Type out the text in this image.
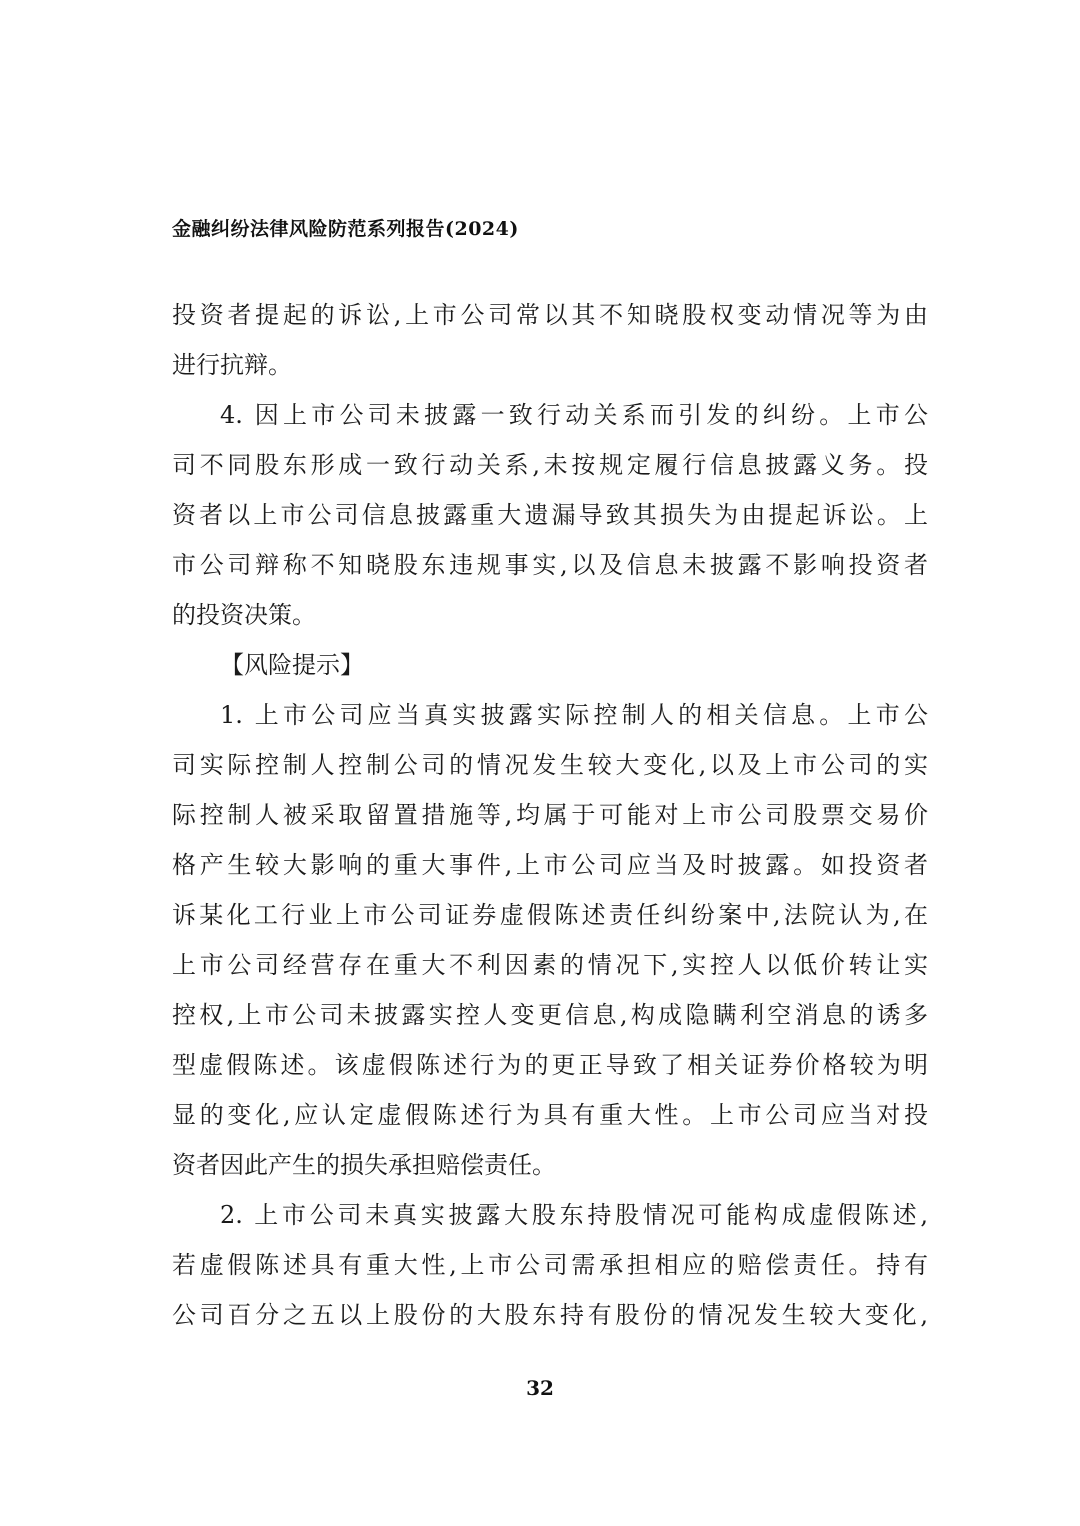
金融纠纷法律风险防范系列报告(2024)
投资者提起的诉讼,上市公司常以其不知晓股权变动情况等为由
进行抗辩。
4. 因上市公司未披露一致行动关系而引发的纠纷。上市公
司不同股东形成一致行动关系,未按规定履行信息披露义务。投
资者以上市公司信息披露重大遗漏导致其损失为由提起诉讼。上
市公司辩称不知晓股东违规事实,以及信息未披露不影响投资者
的投资决策。
【风险提示】
1. 上市公司应当真实披露实际控制人的相关信息。上市公
司实际控制人控制公司的情况发生较大变化,以及上市公司的实
际控制人被采取留置措施等,均属于可能对上市公司股票交易价
格产生较大影响的重大事件,上市公司应当及时披露。如投资者
诉某化工行业上市公司证券虚假陈述责任纠纷案中,法院认为,在
上市公司经营存在重大不利因素的情况下,实控人以低价转让实
控权,上市公司未披露实控人变更信息,构成隐瞒利空消息的诱多
型虚假陈述。该虚假陈述行为的更正导致了相关证券价格较为明
显的变化,应认定虚假陈述行为具有重大性。上市公司应当对投
资者因此产生的损失承担赔偿责任。
2. 上市公司未真实披露大股东持股情况可能构成虚假陈述,
若虚假陈述具有重大性,上市公司需承担相应的赔偿责任。持有
公司百分之五以上股份的大股东持有股份的情况发生较大变化,
32
